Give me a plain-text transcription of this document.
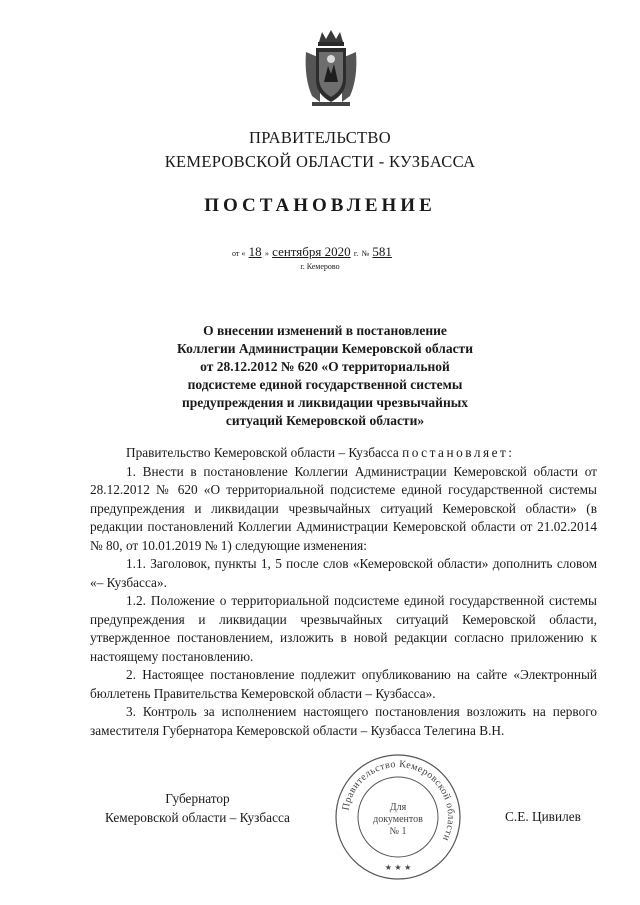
ПРАВИТЕЛЬСТВО
КЕМЕРОВСКОЙ ОБЛАСТИ - КУЗБАССА
ПОСТАНОВЛЕНИЕ
от « 18 » сентября 2020 г. № 581
г. Кемерово
О внесении изменений в постановление
Коллегии Администрации Кемеровской области
от 28.12.2012 № 620 «О территориальной
подсистеме единой государственной системы
предупреждения и ликвидации чрезвычайных
ситуаций Кемеровской области»

Правительство Кемеровской области – Кузбасса постановляет:

1. Внести в постановление Коллегии Администрации Кемеровской области от 28.12.2012 № 620 «О территориальной подсистеме единой государственной системы предупреждения и ликвидации чрезвычайных ситуаций Кемеровской области» (в редакции постановлений Коллегии Администрации Кемеровской области от 21.02.2014 № 80, от 10.01.2019 № 1) следующие изменения:

1.1. Заголовок, пункты 1, 5 после слов «Кемеровской области» дополнить словом «– Кузбасса».

1.2. Положение о территориальной подсистеме единой государственной системы предупреждения и ликвидации чрезвычайных ситуаций Кемеровской области, утвержденное постановлением, изложить в новой редакции согласно приложению к настоящему постановлению.

2. Настоящее постановление подлежит опубликованию на сайте «Электронный бюллетень Правительства Кемеровской области – Кузбасса».

3. Контроль за исполнением настоящего постановления возложить на первого заместителя Губернатора Кемеровской области – Кузбасса Телегина В.Н.

Губернатор
Кемеровской области – Кузбасса	С.Е. Цивилев
Правительство Кемеровской области
Для
документов
№ 1
★ ★ ★
